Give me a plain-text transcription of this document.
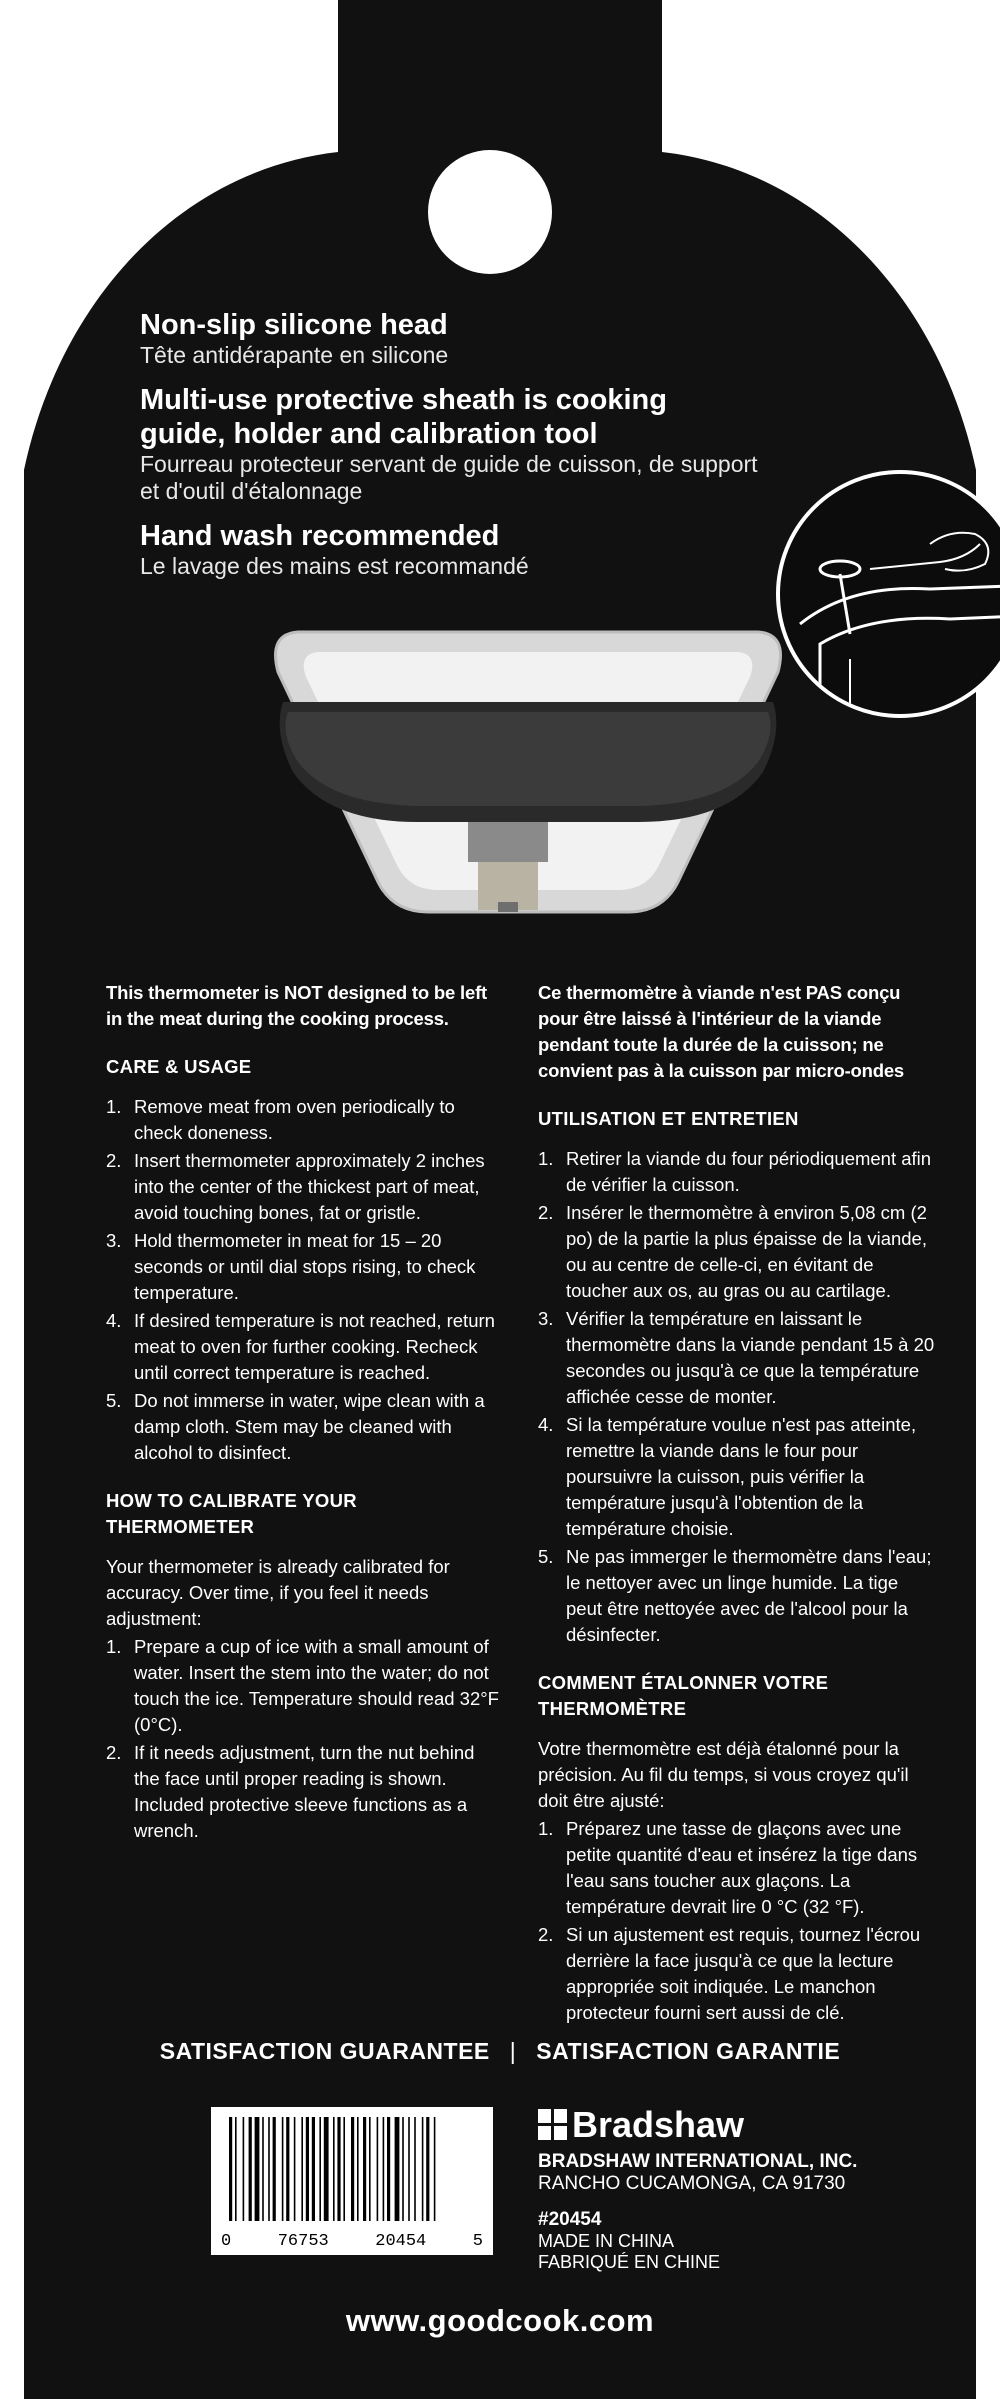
Non-slip silicone head
Tête antidérapante en silicone
Multi-use protective sheath is cooking guide, holder and calibration tool
Fourreau protecteur servant de guide de cuisson, de support et d'outil d'étalonnage
Hand wash recommended
Le lavage des mains est recommandé
This thermometer is NOT designed to be left in the meat during the cooking process.
CARE & USAGE
1. Remove meat from oven periodically to check doneness.
2. Insert thermometer approximately 2 inches into the center of the thickest part of meat, avoid touching bones, fat or gristle.
3. Hold thermometer in meat for 15 – 20 seconds or until dial stops rising, to check temperature.
4. If desired temperature is not reached, return meat to oven for further cooking. Recheck until correct temperature is reached.
5. Do not immerse in water, wipe clean with a damp cloth. Stem may be cleaned with alcohol to disinfect.
HOW TO CALIBRATE YOUR THERMOMETER
Your thermometer is already calibrated for accuracy. Over time, if you feel it needs adjustment:
1. Prepare a cup of ice with a small amount of water. Insert the stem into the water; do not touch the ice. Temperature should read 32°F (0°C).
2. If it needs adjustment, turn the nut behind the face until proper reading is shown. Included protective sleeve functions as a wrench.
Ce thermomètre à viande n'est PAS conçu pour être laissé à l'intérieur de la viande pendant toute la durée de la cuisson; ne convient pas à la cuisson par micro-ondes
UTILISATION ET ENTRETIEN
1. Retirer la viande du four périodiquement afin de vérifier la cuisson.
2. Insérer le thermomètre à environ 5,08 cm (2 po) de la partie la plus épaisse de la viande, ou au centre de celle-ci, en évitant de toucher aux os, au gras ou au cartilage.
3. Vérifier la température en laissant le thermomètre dans la viande pendant 15 à 20 secondes ou jusqu'à ce que la température affichée cesse de monter.
4. Si la température voulue n'est pas atteinte, remettre la viande dans le four pour poursuivre la cuisson, puis vérifier la température jusqu'à l'obtention de la température choisie.
5. Ne pas immerger le thermomètre dans l'eau; le nettoyer avec un linge humide. La tige peut être nettoyée avec de l'alcool pour la désinfecter.
COMMENT ÉTALONNER VOTRE THERMOMÈTRE
Votre thermomètre est déjà étalonné pour la précision. Au fil du temps, si vous croyez qu'il doit être ajusté:
1. Préparez une tasse de glaçons avec une petite quantité d'eau et insérez la tige dans l'eau sans toucher aux glaçons. La température devrait lire 0 °C (32 °F).
2. Si un ajustement est requis, tournez l'écrou derrière la face jusqu'à ce que la lecture appropriée soit indiquée. Le manchon protecteur fourni sert aussi de clé.
SATISFACTION GUARANTEE | SATISFACTION GARANTIE
0	76753	20454	5
Bradshaw
BRADSHAW INTERNATIONAL, INC.
RANCHO CUCAMONGA, CA 91730
#20454
MADE IN CHINA
FABRIQUÉ EN CHINE
www.goodcook.com
